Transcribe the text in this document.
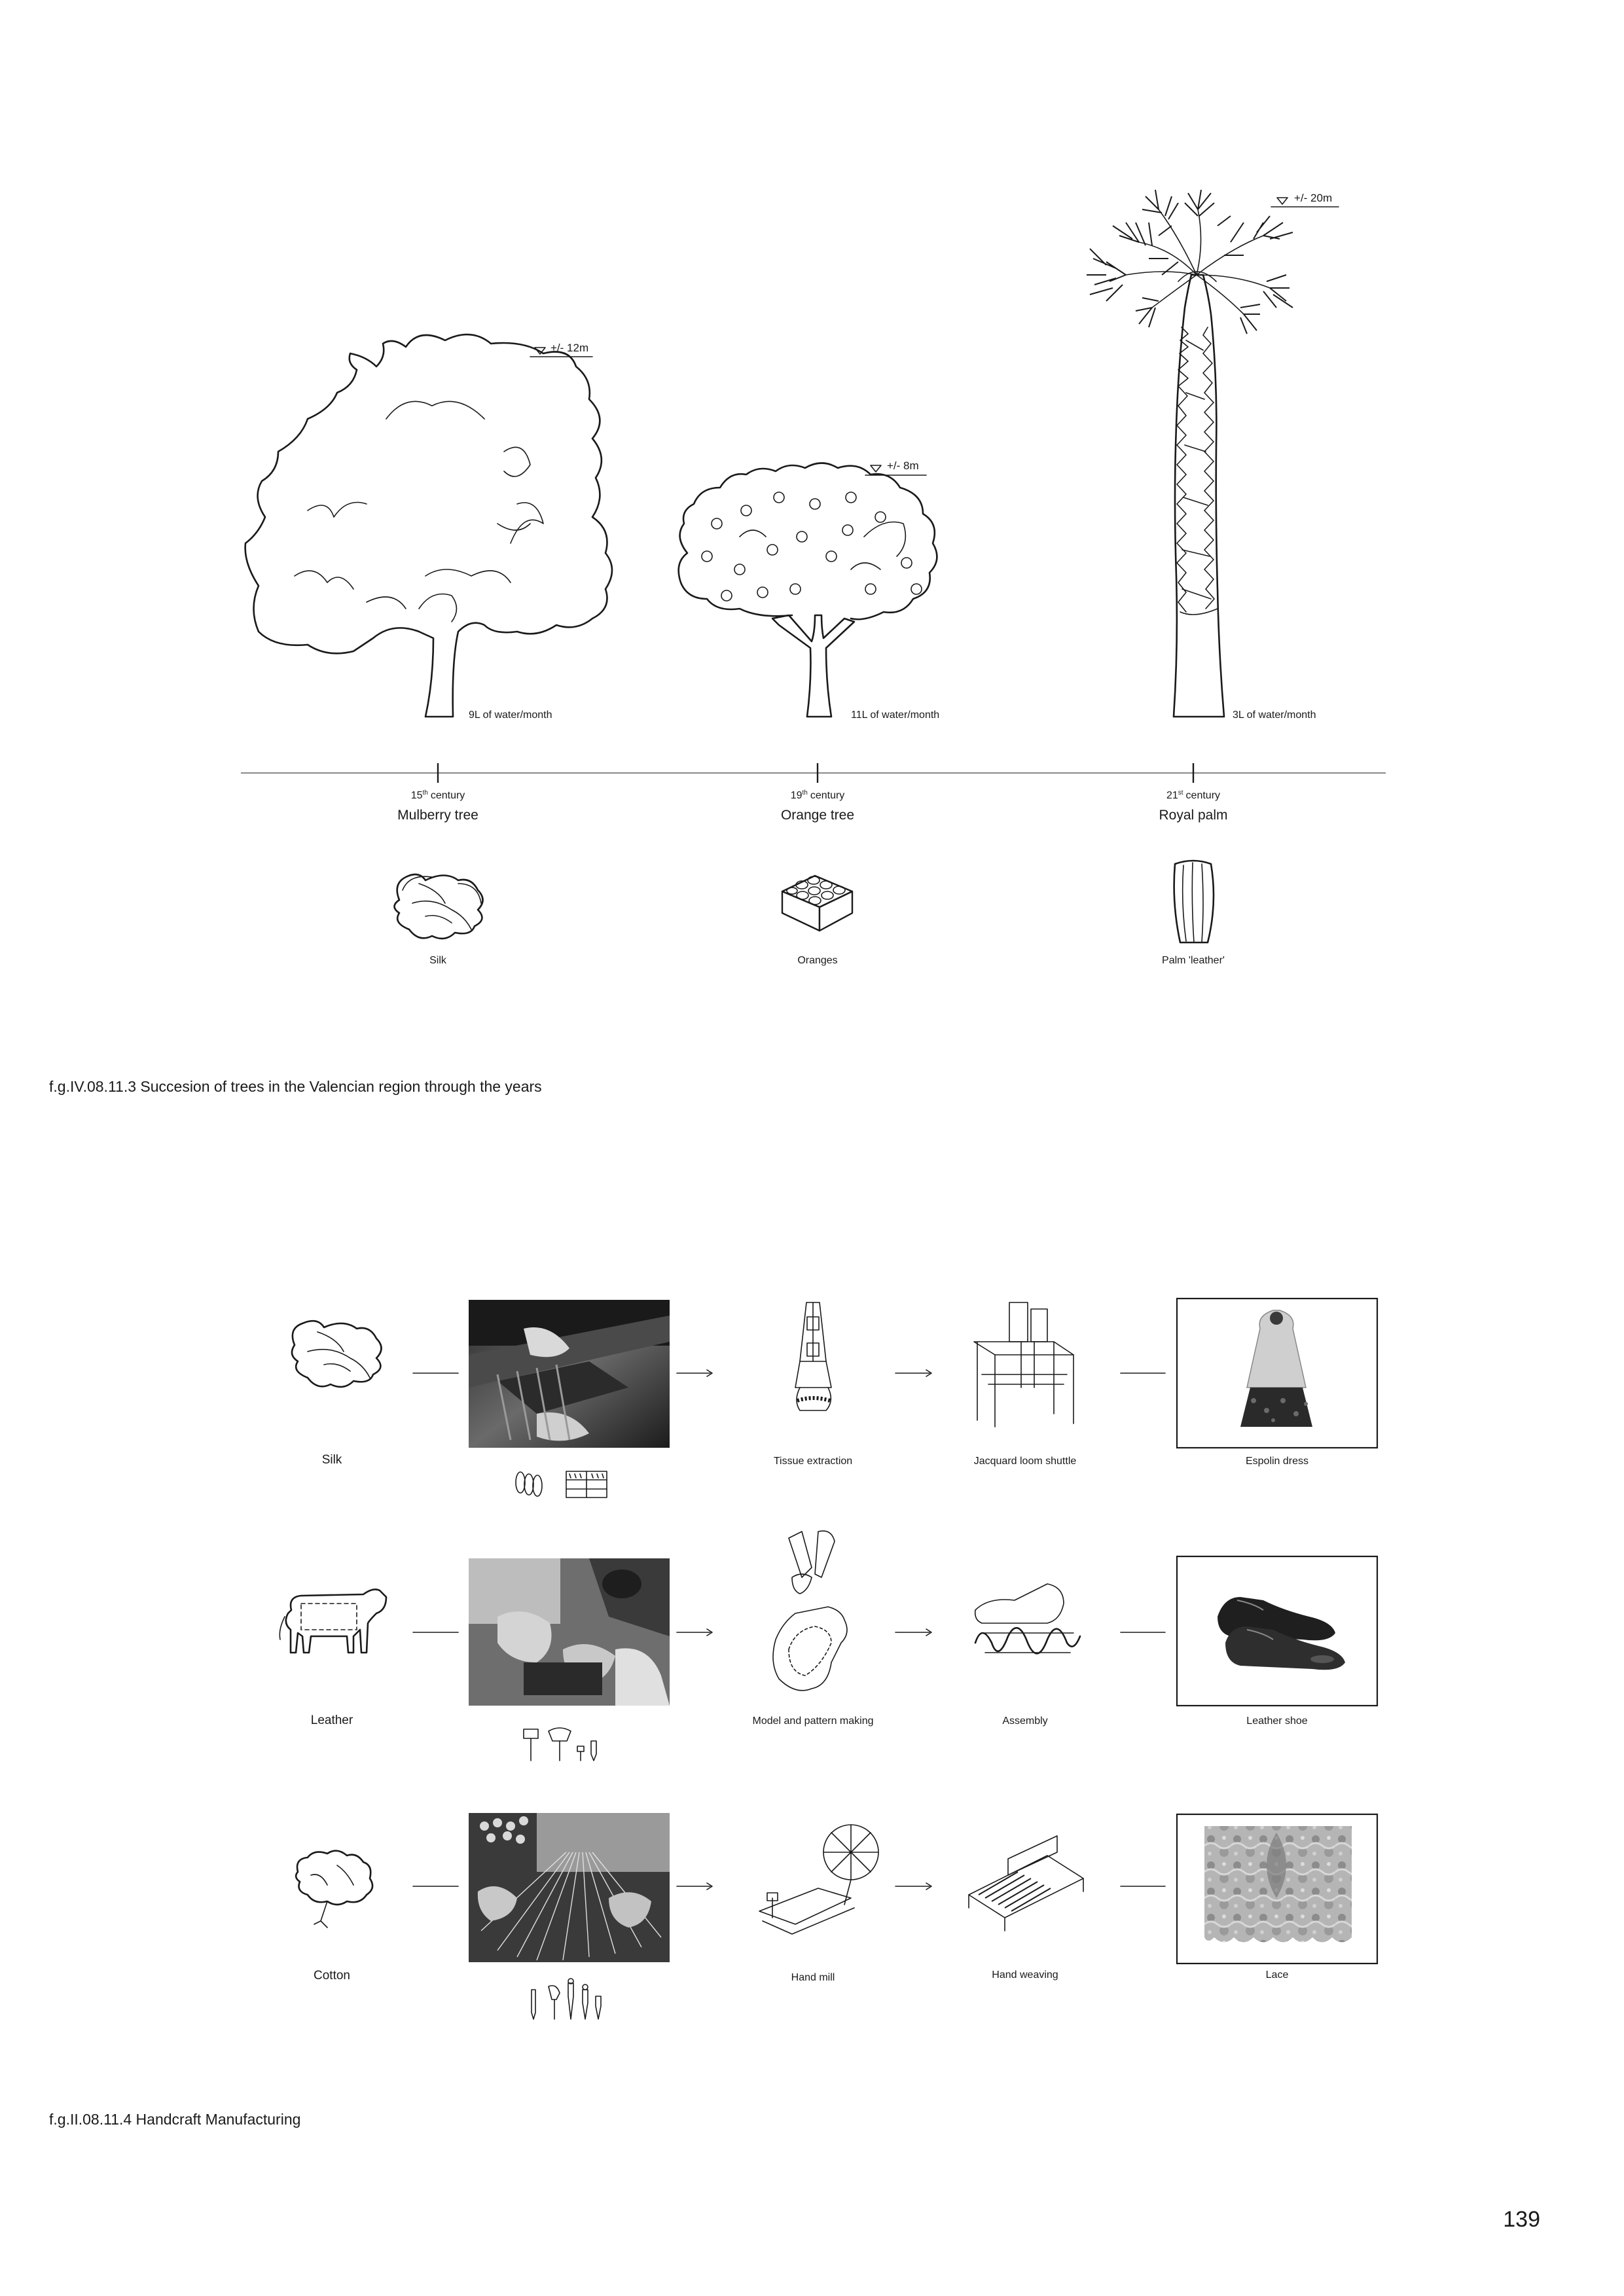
+/- 12m
9L of water/month
+/- 8m
11L of water/month
+/- 20m
3L of water/month
15th century	19th century	21st century
Mulberry tree	Orange tree	Royal palm
Silk	Oranges	Palm 'leather'
f.g.IV.08.11.3 Succesion of trees in the Valencian region through the years
Silk	Tissue extraction	Jacquard loom shuttle	Espolin dress
Leather	Model and pattern making	Assembly	Leather shoe
Cotton	Hand mill	Hand weaving	Lace
f.g.II.08.11.4 Handcraft Manufacturing
139
